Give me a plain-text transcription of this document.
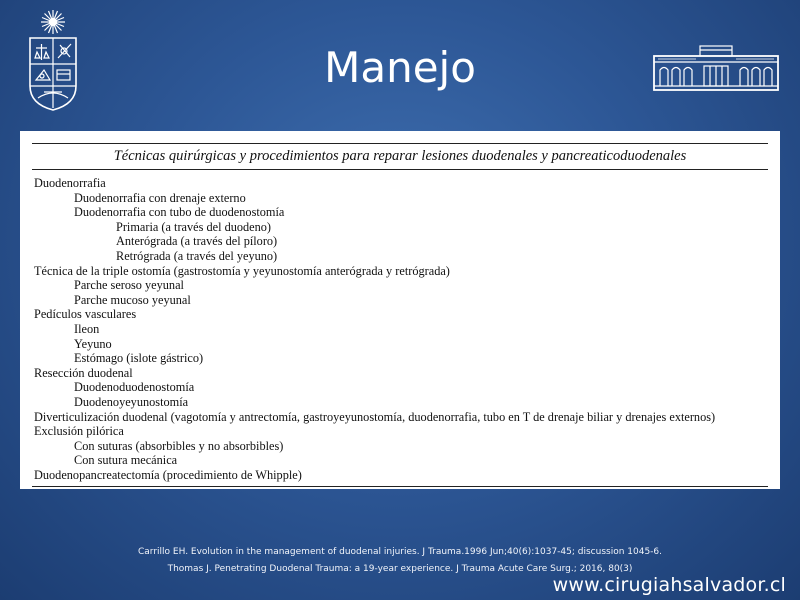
Manejo
Técnicas quirúrgicas y procedimientos para reparar lesiones duodenales y pancreaticoduodenales
Duodenorrafia
Duodenorrafia con drenaje externo
Duodenorrafia con tubo de duodenostomía
Primaria (a través del duodeno)
Anterógrada (a través del píloro)
Retrógrada (a través del yeyuno)
Técnica de la triple ostomía (gastrostomía y yeyunostomía anterógrada y retrógrada)
Parche seroso yeyunal
Parche mucoso yeyunal
Pedículos vasculares
Ileon
Yeyuno
Estómago (islote gástrico)
Resección duodenal
Duodenoduodenostomía
Duodenoyeyunostomía
Diverticulización duodenal (vagotomía y antrectomía, gastroyeyunostomía, duodenorrafia, tubo en T de drenaje biliar y drenajes externos)
Exclusión pilórica
Con suturas (absorbibles y no absorbibles)
Con sutura mecánica
Duodenopancreatectomía (procedimiento de Whipple)
Carrillo EH. Evolution in the management of duodenal injuries. J Trauma.1996 Jun;40(6):1037-45; discussion 1045-6.
Thomas J. Penetrating Duodenal Trauma: a 19-year experience. J Trauma Acute Care Surg.; 2016, 80(3)
www.cirugiahsalvador.cl
